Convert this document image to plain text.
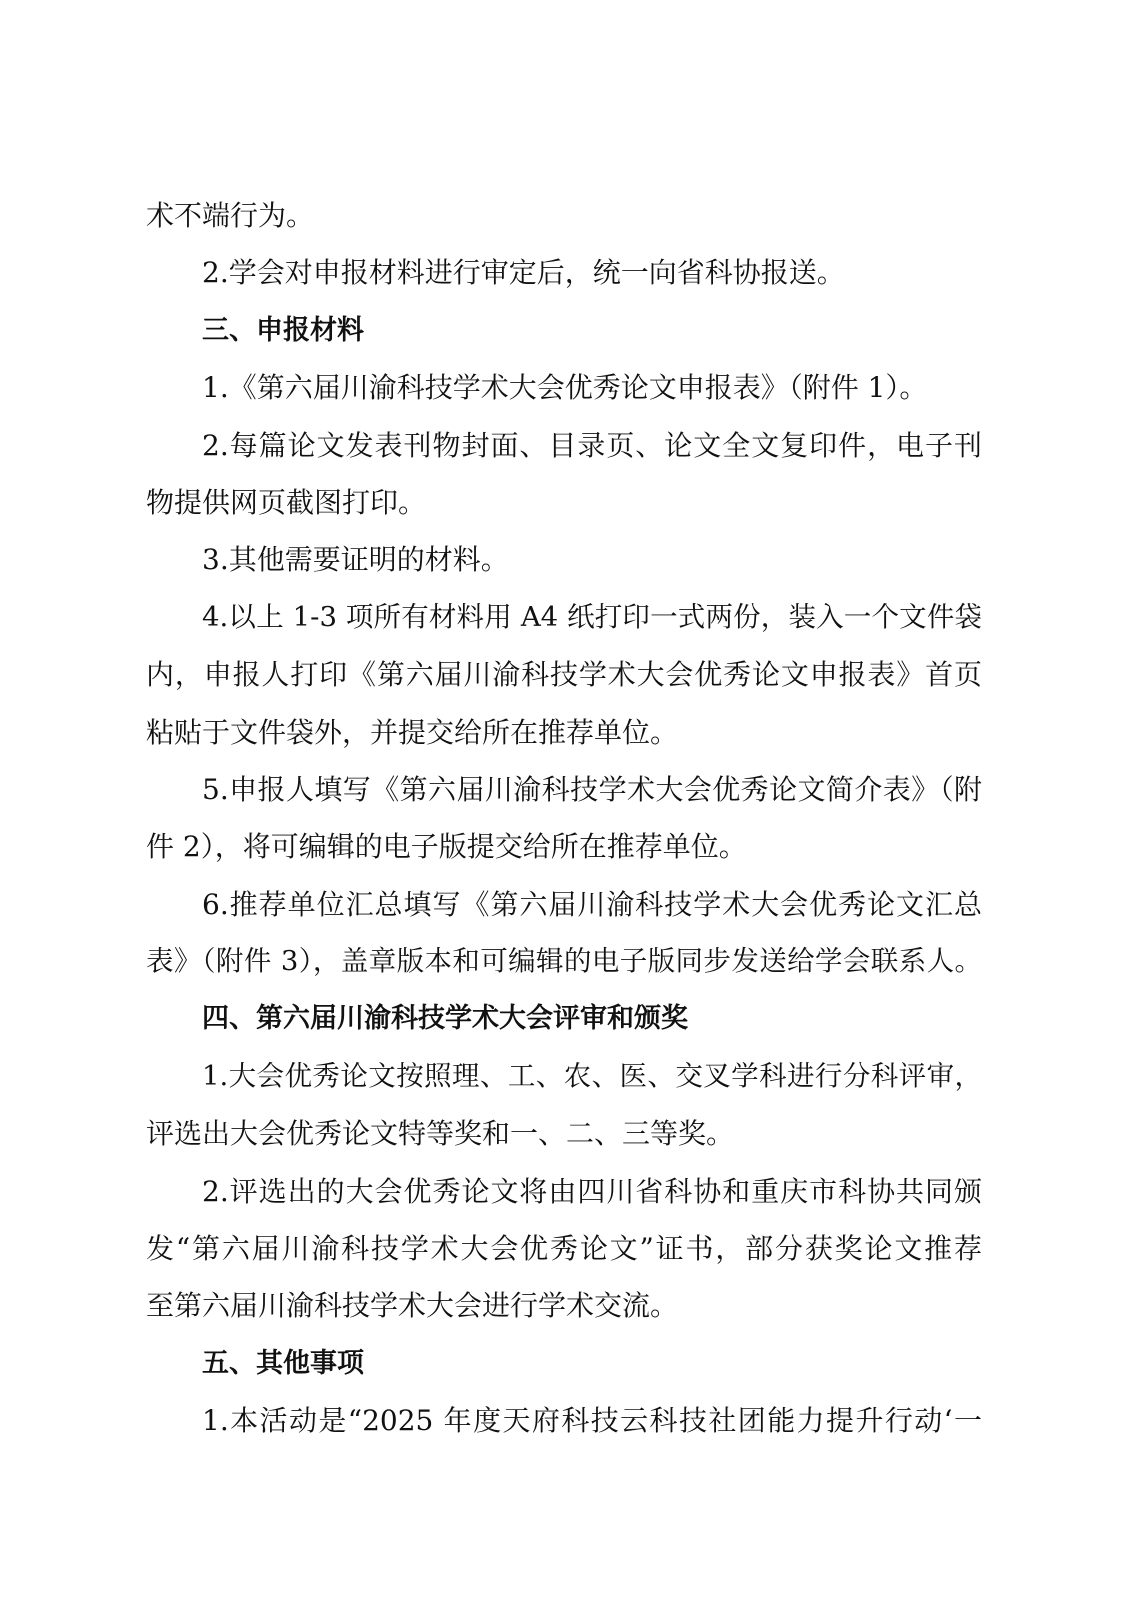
术不端行为。
2.学会对申报材料进行审定后，统一向省科协报送。
三、申报材料
1.《第六届川渝科技学术大会优秀论文申报表》（附件 1）。
2.每篇论文发表刊物封面、目录页、论文全文复印件，电子刊
物提供网页截图打印。
3.其他需要证明的材料。
4.以上 1-3 项所有材料用 A4 纸打印一式两份，装入一个文件袋
内，申报人打印《第六届川渝科技学术大会优秀论文申报表》首页
粘贴于文件袋外，并提交给所在推荐单位。
5.申报人填写《第六届川渝科技学术大会优秀论文简介表》（附
件 2），将可编辑的电子版提交给所在推荐单位。
6.推荐单位汇总填写《第六届川渝科技学术大会优秀论文汇总
表》（附件 3），盖章版本和可编辑的电子版同步发送给学会联系人。
四、第六届川渝科技学术大会评审和颁奖
1.大会优秀论文按照理、工、农、医、交叉学科进行分科评审，
评选出大会优秀论文特等奖和一、二、三等奖。
2.评选出的大会优秀论文将由四川省科协和重庆市科协共同颁
发“第六届川渝科技学术大会优秀论文”证书，部分获奖论文推荐
至第六届川渝科技学术大会进行学术交流。
五、其他事项
1.本活动是“2025 年度天府科技云科技社团能力提升行动‘一
